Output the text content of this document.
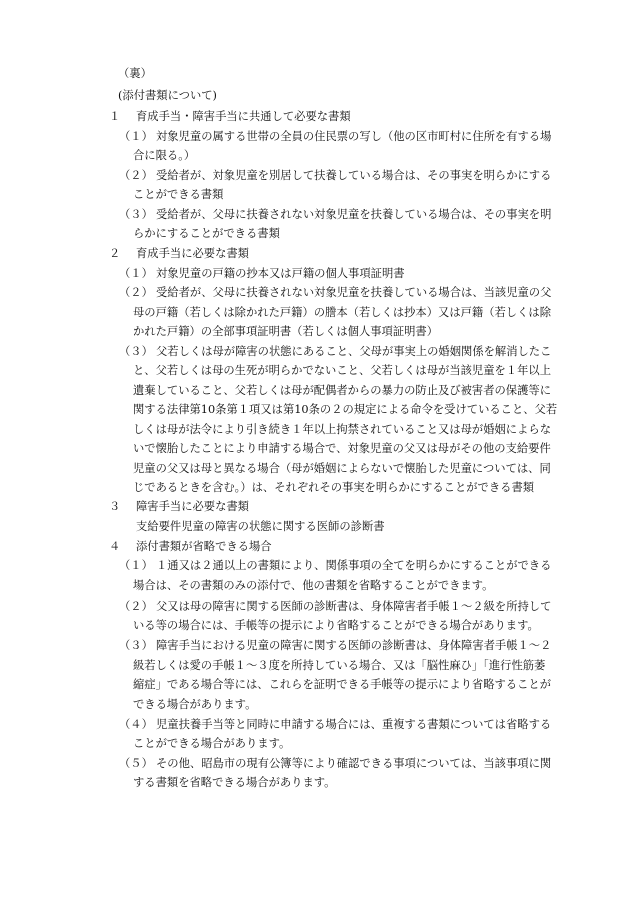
（裏）
(添付書類について)
１ 育成手当・障害手当に共通して必要な書類
（１） 対象児童の属する世帯の全員の住民票の写し（他の区市町村に住所を有する場
合に限る。）
（２） 受給者が、対象児童を別居して扶養している場合は、その事実を明らかにする
ことができる書類
（３） 受給者が、父母に扶養されない対象児童を扶養している場合は、その事実を明
らかにすることができる書類
２ 育成手当に必要な書類
（１） 対象児童の戸籍の抄本又は戸籍の個人事項証明書
（２） 受給者が、父母に扶養されない対象児童を扶養している場合は、当該児童の父
母の戸籍（若しくは除かれた戸籍）の謄本（若しくは抄本）又は戸籍（若しくは除
かれた戸籍）の全部事項証明書（若しくは個人事項証明書）
（３） 父若しくは母が障害の状態にあること、父母が事実上の婚姻関係を解消したこ
と、父若しくは母の生死が明らかでないこと、父若しくは母が当該児童を１年以上
遺棄していること、父若しくは母が配偶者からの暴力の防止及び被害者の保護等に
関する法律第10条第１項又は第10条の２の規定による命令を受けていること、父若
しくは母が法令により引き続き１年以上拘禁されていること又は母が婚姻によらな
いで懐胎したことにより申請する場合で、対象児童の父又は母がその他の支給要件
児童の父又は母と異なる場合（母が婚姻によらないで懐胎した児童については、同
じであるときを含む。）は、それぞれその事実を明らかにすることができる書類
３ 障害手当に必要な書類
支給要件児童の障害の状態に関する医師の診断書
４ 添付書類が省略できる場合
（１） １通又は２通以上の書類により、関係事項の全てを明らかにすることができる
場合は、その書類のみの添付で、他の書類を省略することができます。
（２） 父又は母の障害に関する医師の診断書は、身体障害者手帳１～２級を所持して
いる等の場合には、手帳等の提示により省略することができる場合があります。
（３） 障害手当における児童の障害に関する医師の診断書は、身体障害者手帳１～２
級若しくは愛の手帳１～３度を所持している場合、又は「脳性麻ひ」「進行性筋萎
縮症」である場合等には、これらを証明できる手帳等の提示により省略することが
できる場合があります。
（４） 児童扶養手当等と同時に申請する場合には、重複する書類については省略する
ことができる場合があります。
（５） その他、昭島市の現有公簿等により確認できる事項については、当該事項に関
する書類を省略できる場合があります。
